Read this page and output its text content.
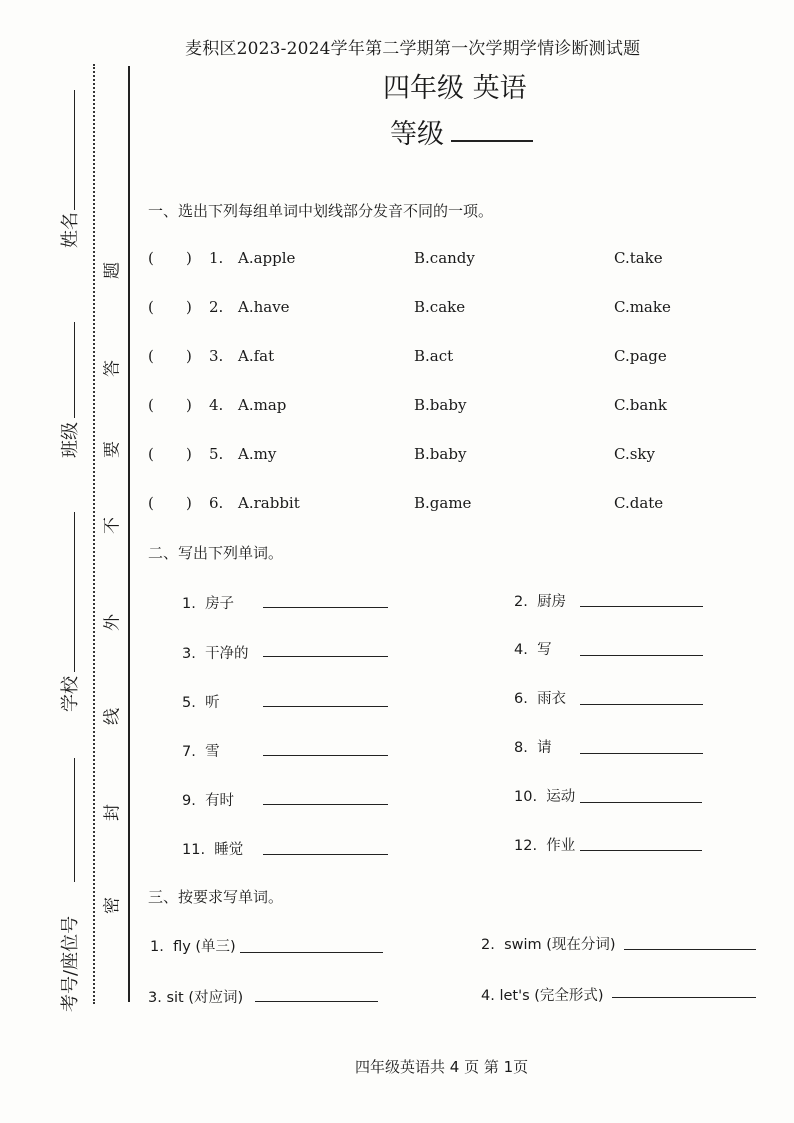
麦积区2023-2024学年第二学期第一次学期学情诊断测试题
四年级 英语
等级
题
答
要
不
外
线
封
密
姓名
班级
学校
考号/座位号
一、选出下列每组单词中划线部分发音不同的一项。
( ) 1. A.apple	B.candy	C.take
( ) 2. A.have	B.cake	C.make
( ) 3. A.fat	B.act	C.page
( ) 4. A.map	B.baby	C.bank
( ) 5. A.my	B.baby	C.sky
( ) 6. A.rabbit	B.game	C.date
二、写出下列单词。
1. 房子	2. 厨房
3. 干净的	4. 写
5. 听	6. 雨衣
7. 雪	8. 请
9. 有时	10. 运动
11. 睡觉	12. 作业
三、按要求写单词。
1. fly (单三)	2. swim (现在分词)
3. sit (对应词)	4. let's (完全形式)
四年级英语共 4 页 第 1页
